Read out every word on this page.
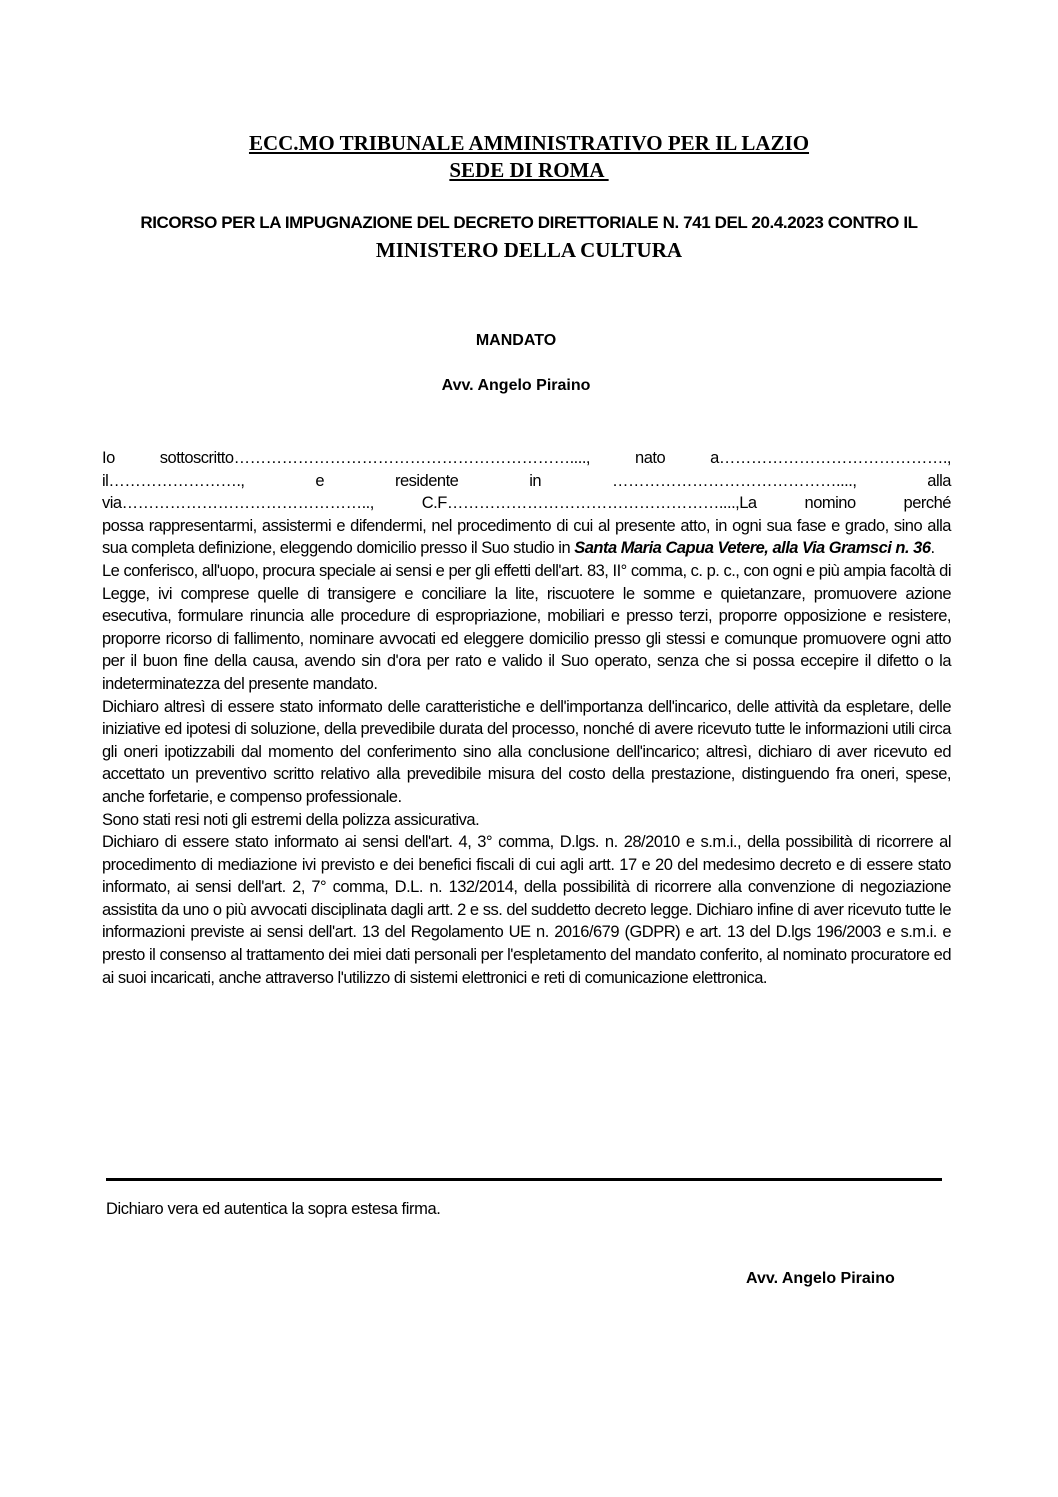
ECC.MO TRIBUNALE AMMINISTRATIVO PER IL LAZIO
SEDE DI ROMA
RICORSO PER LA IMPUGNAZIONE DEL DECRETO DIRETTORIALE N. 741 DEL 20.4.2023 CONTRO IL
MINISTERO DELLA CULTURA
MANDATO
Avv. Angelo Piraino

Io sottoscritto………………………………………………………...., nato a…………………………………….,

il……………………., e residente in ……………………………………...., alla

via……………………………………….., C.F……………………………………………....,La nomino perché

possa rappresentarmi, assistermi e difendermi, nel procedimento di cui al presente atto, in ogni sua fase e grado, sino alla sua completa definizione, eleggendo domicilio presso il Suo studio in Santa Maria Capua Vetere, alla Via Gramsci n. 36.

Le conferisco, all'uopo, procura speciale ai sensi e per gli effetti dell'art. 83, II° comma, c. p. c., con ogni e più ampia facoltà di Legge, ivi comprese quelle di transigere e conciliare la lite, riscuotere le somme e quietanzare, promuovere azione esecutiva, formulare rinuncia alle procedure di espropriazione, mobiliari e presso terzi, proporre opposizione e resistere, proporre ricorso di fallimento, nominare avvocati ed eleggere domicilio presso gli stessi e comunque promuovere ogni atto per il buon fine della causa, avendo sin d'ora per rato e valido il Suo operato, senza che si possa eccepire il difetto o la indeterminatezza del presente mandato.

Dichiaro altresì di essere stato informato delle caratteristiche e dell'importanza dell'incarico, delle attività da espletare, delle iniziative ed ipotesi di soluzione, della prevedibile durata del processo, nonché di avere ricevuto tutte le informazioni utili circa gli oneri ipotizzabili dal momento del conferimento sino alla conclusione dell'incarico; altresì, dichiaro di aver ricevuto ed accettato un preventivo scritto relativo alla prevedibile misura del costo della prestazione, distinguendo fra oneri, spese, anche forfetarie, e compenso professionale.

Sono stati resi noti gli estremi della polizza assicurativa.

Dichiaro di essere stato informato ai sensi dell'art. 4, 3° comma, D.lgs. n. 28/2010 e s.m.i., della possibilità di ricorrere al procedimento di mediazione ivi previsto e dei benefici fiscali di cui agli artt. 17 e 20 del medesimo decreto e di essere stato informato, ai sensi dell'art. 2, 7° comma, D.L. n. 132/2014, della possibilità di ricorrere alla convenzione di negoziazione assistita da uno o più avvocati disciplinata dagli artt. 2 e ss. del suddetto decreto legge. Dichiaro infine di aver ricevuto tutte le informazioni previste ai sensi dell'art. 13 del Regolamento UE n. 2016/679 (GDPR) e art. 13 del D.lgs 196/2003 e s.m.i. e presto il consenso al trattamento dei miei dati personali per l'espletamento del mandato conferito, al nominato procuratore ed ai suoi incaricati, anche attraverso l'utilizzo di sistemi elettronici e reti di comunicazione elettronica.

Dichiaro vera ed autentica la sopra estesa firma.
Avv. Angelo Piraino
